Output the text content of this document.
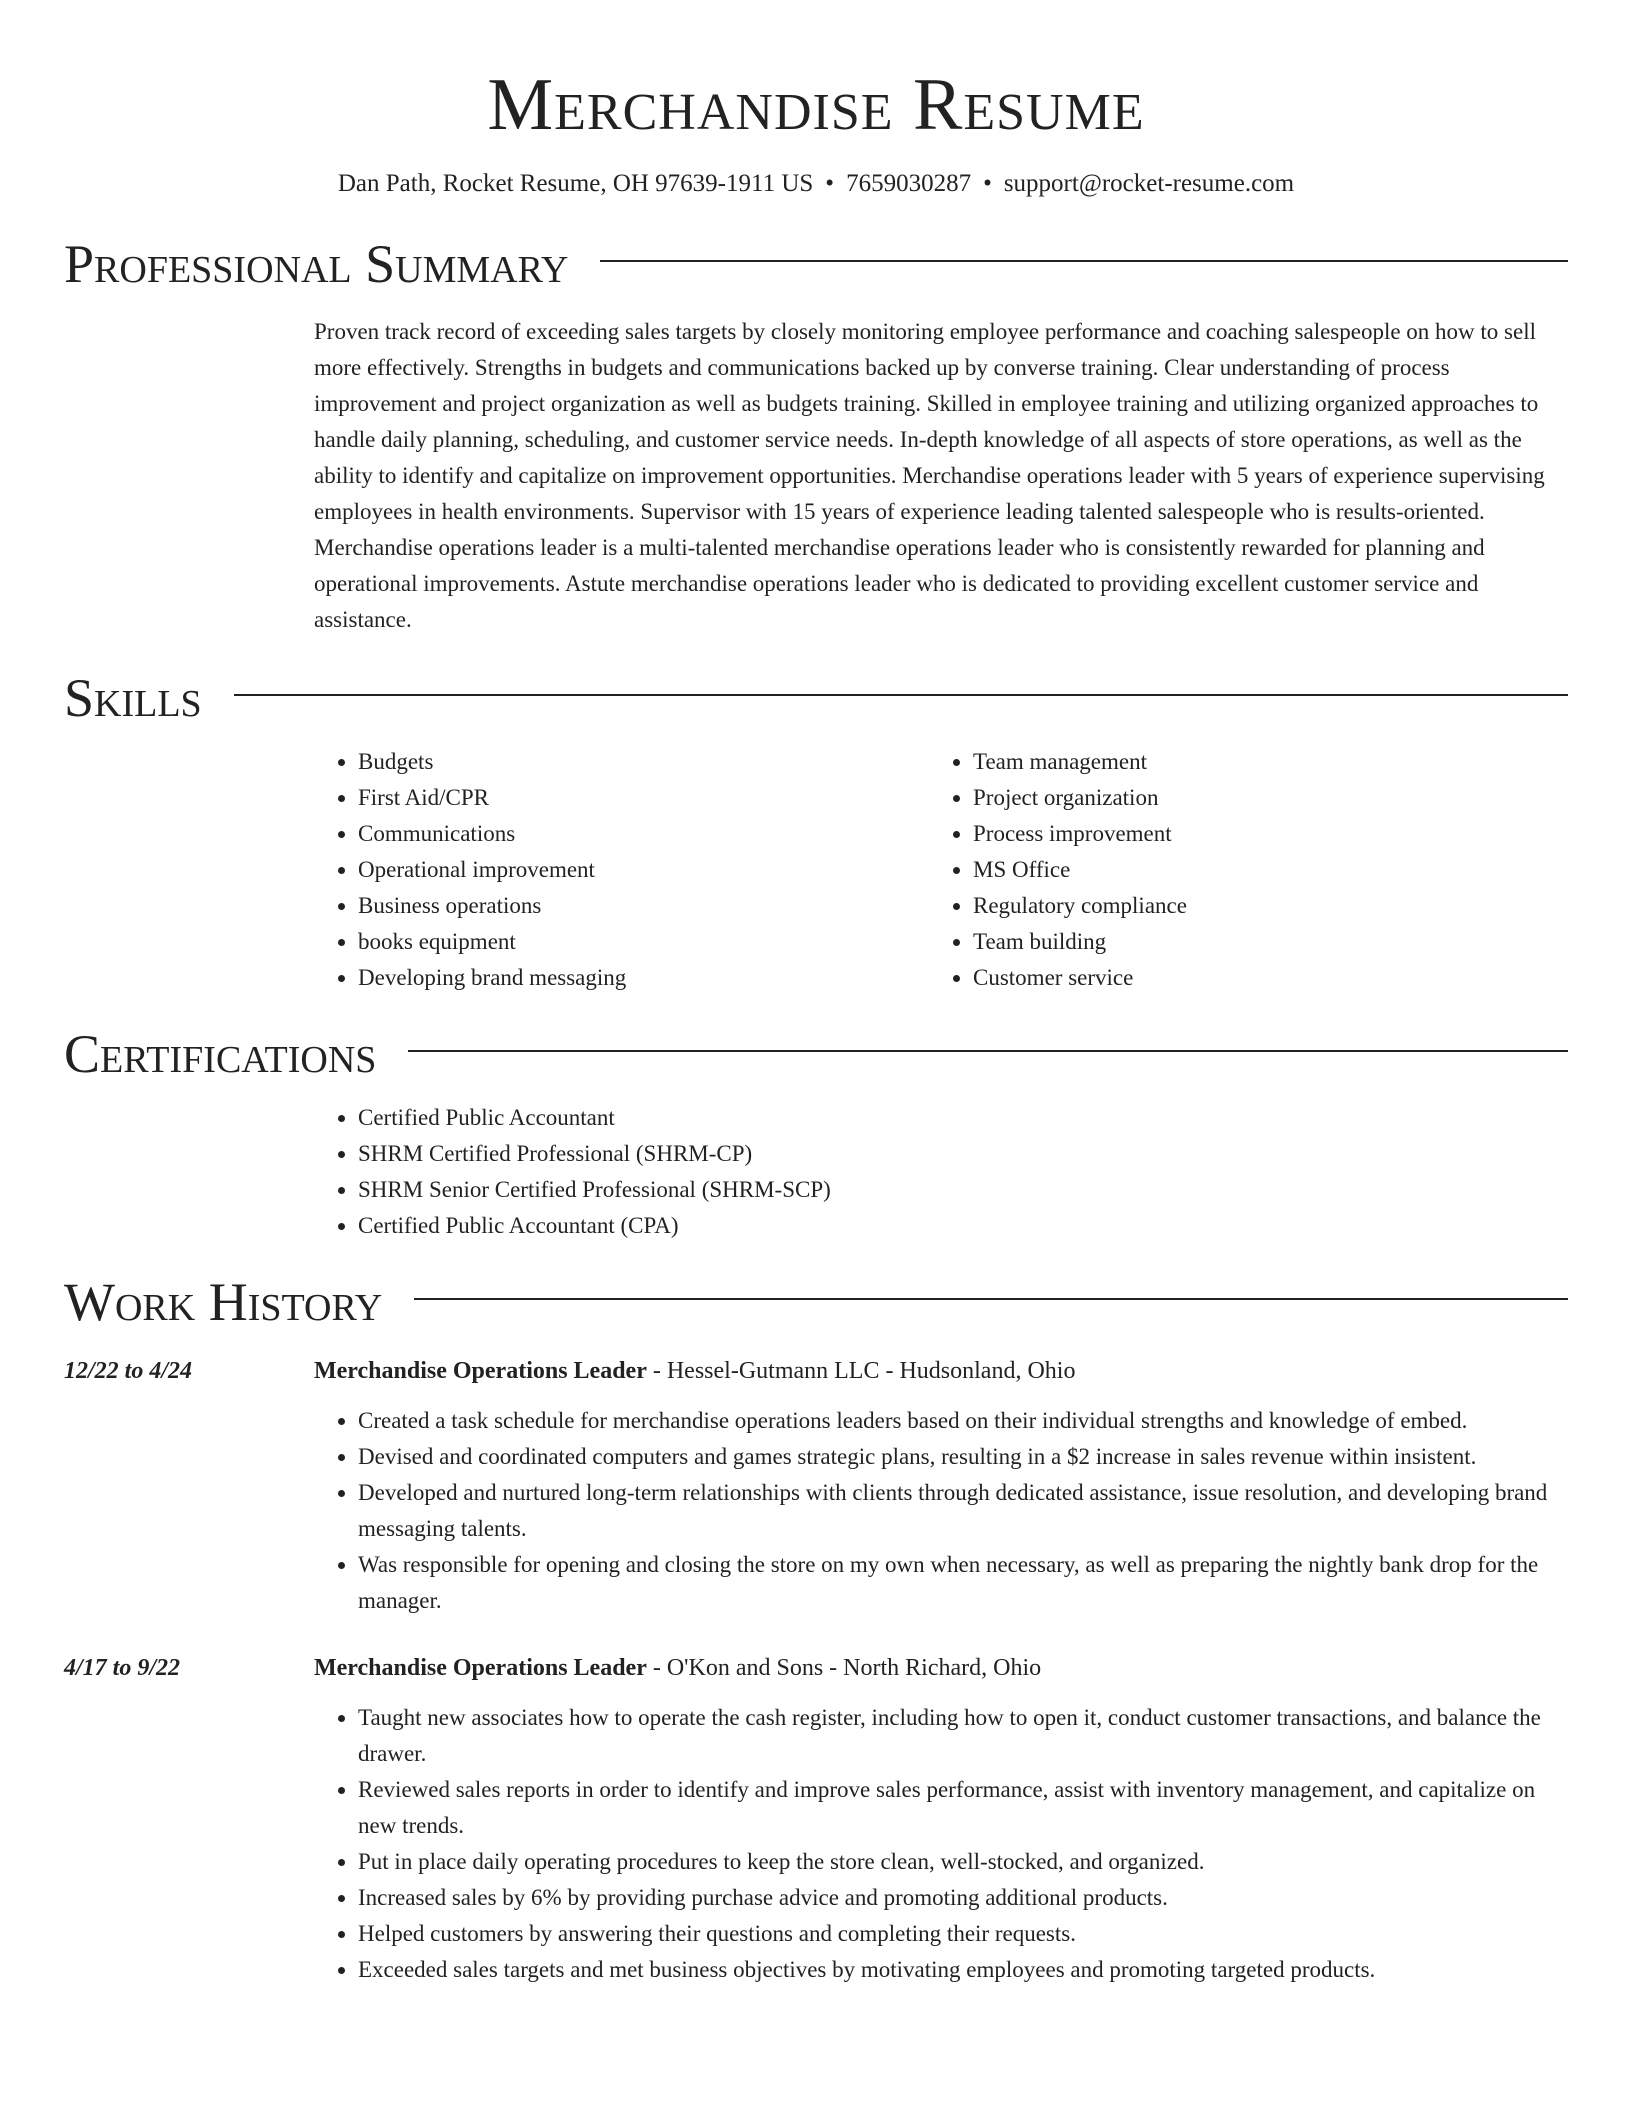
Merchandise Resume
Dan Path, Rocket Resume, OH 97639-1911 US • 7659030287 • support@rocket-resume.com
Professional Summary

Proven track record of exceeding sales targets by closely monitoring employee performance and coaching salespeople on how to sell more effectively. Strengths in budgets and communications backed up by converse training. Clear understanding of process improvement and project organization as well as budgets training. Skilled in employee training and utilizing organized approaches to handle daily planning, scheduling, and customer service needs. In-depth knowledge of all aspects of store operations, as well as the ability to identify and capitalize on improvement opportunities. Merchandise operations leader with 5 years of experience supervising employees in health environments. Supervisor with 15 years of experience leading talented salespeople who is results-oriented. Merchandise operations leader is a multi-talented merchandise operations leader who is consistently rewarded for planning and operational improvements. Astute merchandise operations leader who is dedicated to providing excellent customer service and assistance.

Skills
• Budgets
• First Aid/CPR
• Communications
• Operational improvement
• Business operations
• books equipment
• Developing brand messaging
• Team management
• Project organization
• Process improvement
• MS Office
• Regulatory compliance
• Team building
• Customer service
Certifications
• Certified Public Accountant
• SHRM Certified Professional (SHRM-CP)
• SHRM Senior Certified Professional (SHRM-SCP)
• Certified Public Accountant (CPA)
Work History
12/22 to 4/24	Merchandise Operations Leader - Hessel-Gutmann LLC - Hudsonland, Ohio
• Created a task schedule for merchandise operations leaders based on their individual strengths and knowledge of embed.
• Devised and coordinated computers and games strategic plans, resulting in a $2 increase in sales revenue within insistent.
• Developed and nurtured long-term relationships with clients through dedicated assistance, issue resolution, and developing brand messaging talents.
• Was responsible for opening and closing the store on my own when necessary, as well as preparing the nightly bank drop for the manager.
4/17 to 9/22	Merchandise Operations Leader - O'Kon and Sons - North Richard, Ohio
• Taught new associates how to operate the cash register, including how to open it, conduct customer transactions, and balance the drawer.
• Reviewed sales reports in order to identify and improve sales performance, assist with inventory management, and capitalize on new trends.
• Put in place daily operating procedures to keep the store clean, well-stocked, and organized.
• Increased sales by 6% by providing purchase advice and promoting additional products.
• Helped customers by answering their questions and completing their requests.
• Exceeded sales targets and met business objectives by motivating employees and promoting targeted products.
